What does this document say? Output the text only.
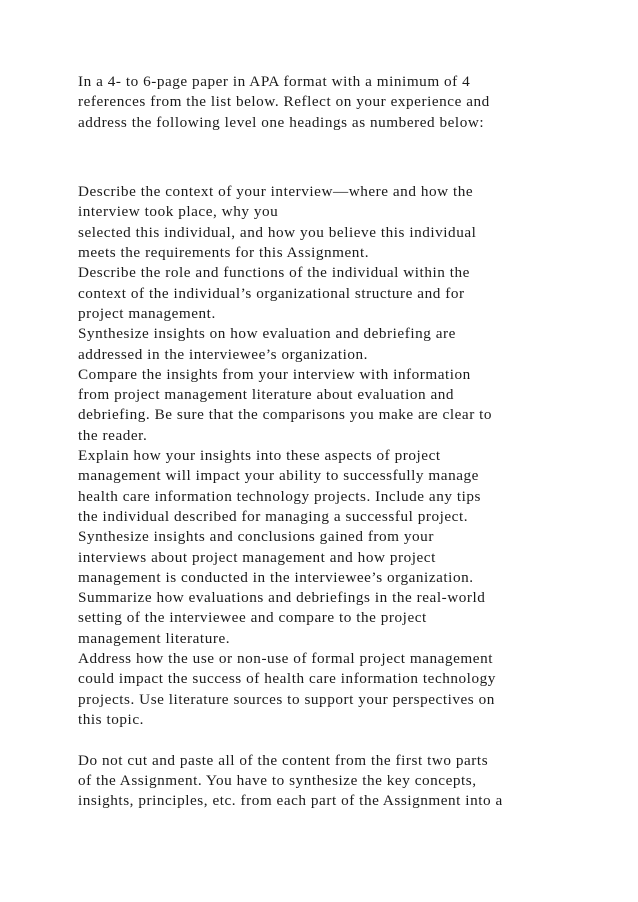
In a 4- to 6-page paper in APA format with a minimum of 4
references from the list below. Reflect on your experience and
address the following level one headings as numbered below:
Describe the context of your interview—where and how the
interview took place, why you
selected this individual, and how you believe this individual
meets the requirements for this Assignment.
Describe the role and functions of the individual within the
context of the individual’s organizational structure and for
project management.
Synthesize insights on how evaluation and debriefing are
addressed in the interviewee’s organization.
Compare the insights from your interview with information
from project management literature about evaluation and
debriefing. Be sure that the comparisons you make are clear to
the reader.
Explain how your insights into these aspects of project
management will impact your ability to successfully manage
health care information technology projects. Include any tips
the individual described for managing a successful project.
Synthesize insights and conclusions gained from your
interviews about project management and how project
management is conducted in the interviewee’s organization.
Summarize how evaluations and debriefings in the real-world
setting of the interviewee and compare to the project
management literature.
Address how the use or non-use of formal project management
could impact the success of health care information technology
projects. Use literature sources to support your perspectives on
this topic.
Do not cut and paste all of the content from the first two parts
of the Assignment. You have to synthesize the key concepts,
insights, principles, etc. from each part of the Assignment into a
